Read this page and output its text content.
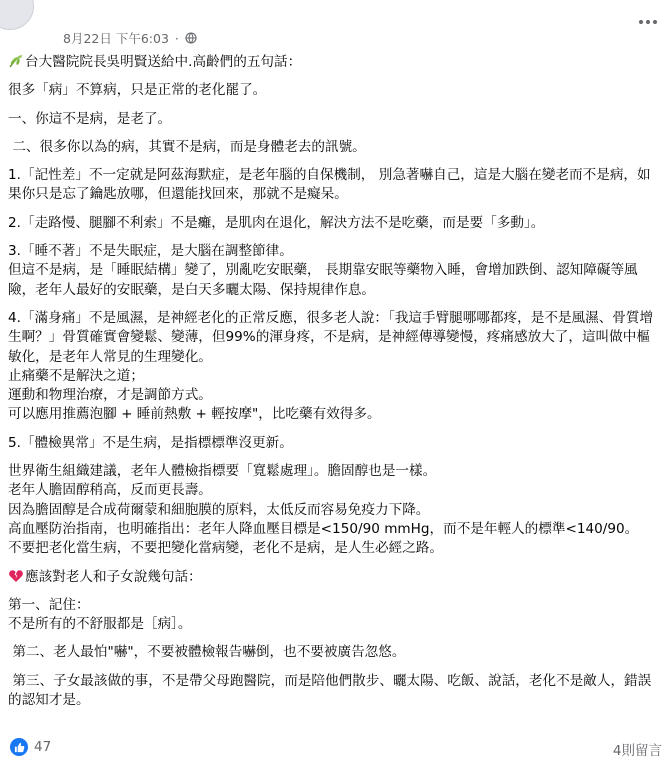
8月22日 下午6:03 ·

台大醫院院長吳明賢送給中.高齡們的五句話：

很多「病」不算病，只是正常的老化罷了。

一、你這不是病，是老了。

二、很多你以為的病，其實不是病，而是身體老去的訊號。

1.「記性差」不一定就是阿茲海默症，是老年腦的自保機制， 別急著嚇自己，這是大腦在變老而不是病，如果你只是忘了鑰匙放哪，但還能找回來，那就不是癡呆。

2.「走路慢、腿腳不利索」不是癱，是肌肉在退化，解決方法不是吃藥，而是要「多動」。

3.「睡不著」不是失眠症，是大腦在調整節律。
但這不是病，是「睡眠結構」變了，別亂吃安眠藥， 長期靠安眠等藥物入睡，會增加跌倒、認知障礙等風險，老年人最好的安眠藥，是白天多曬太陽、保持規律作息。

4.「滿身痛」不是風濕，是神經老化的正常反應，很多老人說：「我這手臂腿哪哪都疼，是不是風濕、骨質增生啊？」骨質確實會變鬆、變薄，但99%的渾身疼，不是病，是神經傳導變慢，疼痛感放大了，這叫做中樞敏化，是老年人常見的生理變化。
止痛藥不是解決之道；
運動和物理治療，才是調節方式。
可以應用推薦泡腳 + 睡前熱敷 + 輕按摩"，比吃藥有效得多。

5.「體檢異常」不是生病，是指標標準沒更新。

世界衛生組織建議，老年人體檢指標要「寬鬆處理」。膽固醇也是一樣。
老年人膽固醇稍高，反而更長壽。
因為膽固醇是合成荷爾蒙和細胞膜的原料，太低反而容易免疫力下降。
高血壓防治指南，也明確指出：老年人降血壓目標是<150/90 mmHg，而不是年輕人的標準<140/90。
不要把老化當生病，不要把變化當病變，老化不是病，是人生必經之路。

應該對老人和子女說幾句話：

第一、記住：
不是所有的不舒服都是［病］。

第二、老人最怕"嚇"，不要被體檢報告嚇倒，也不要被廣告忽悠。

第三、子女最該做的事，不是帶父母跑醫院，而是陪他們散步、曬太陽、吃飯、說話，老化不是敵人，錯誤的認知才是。

47	4則留言
